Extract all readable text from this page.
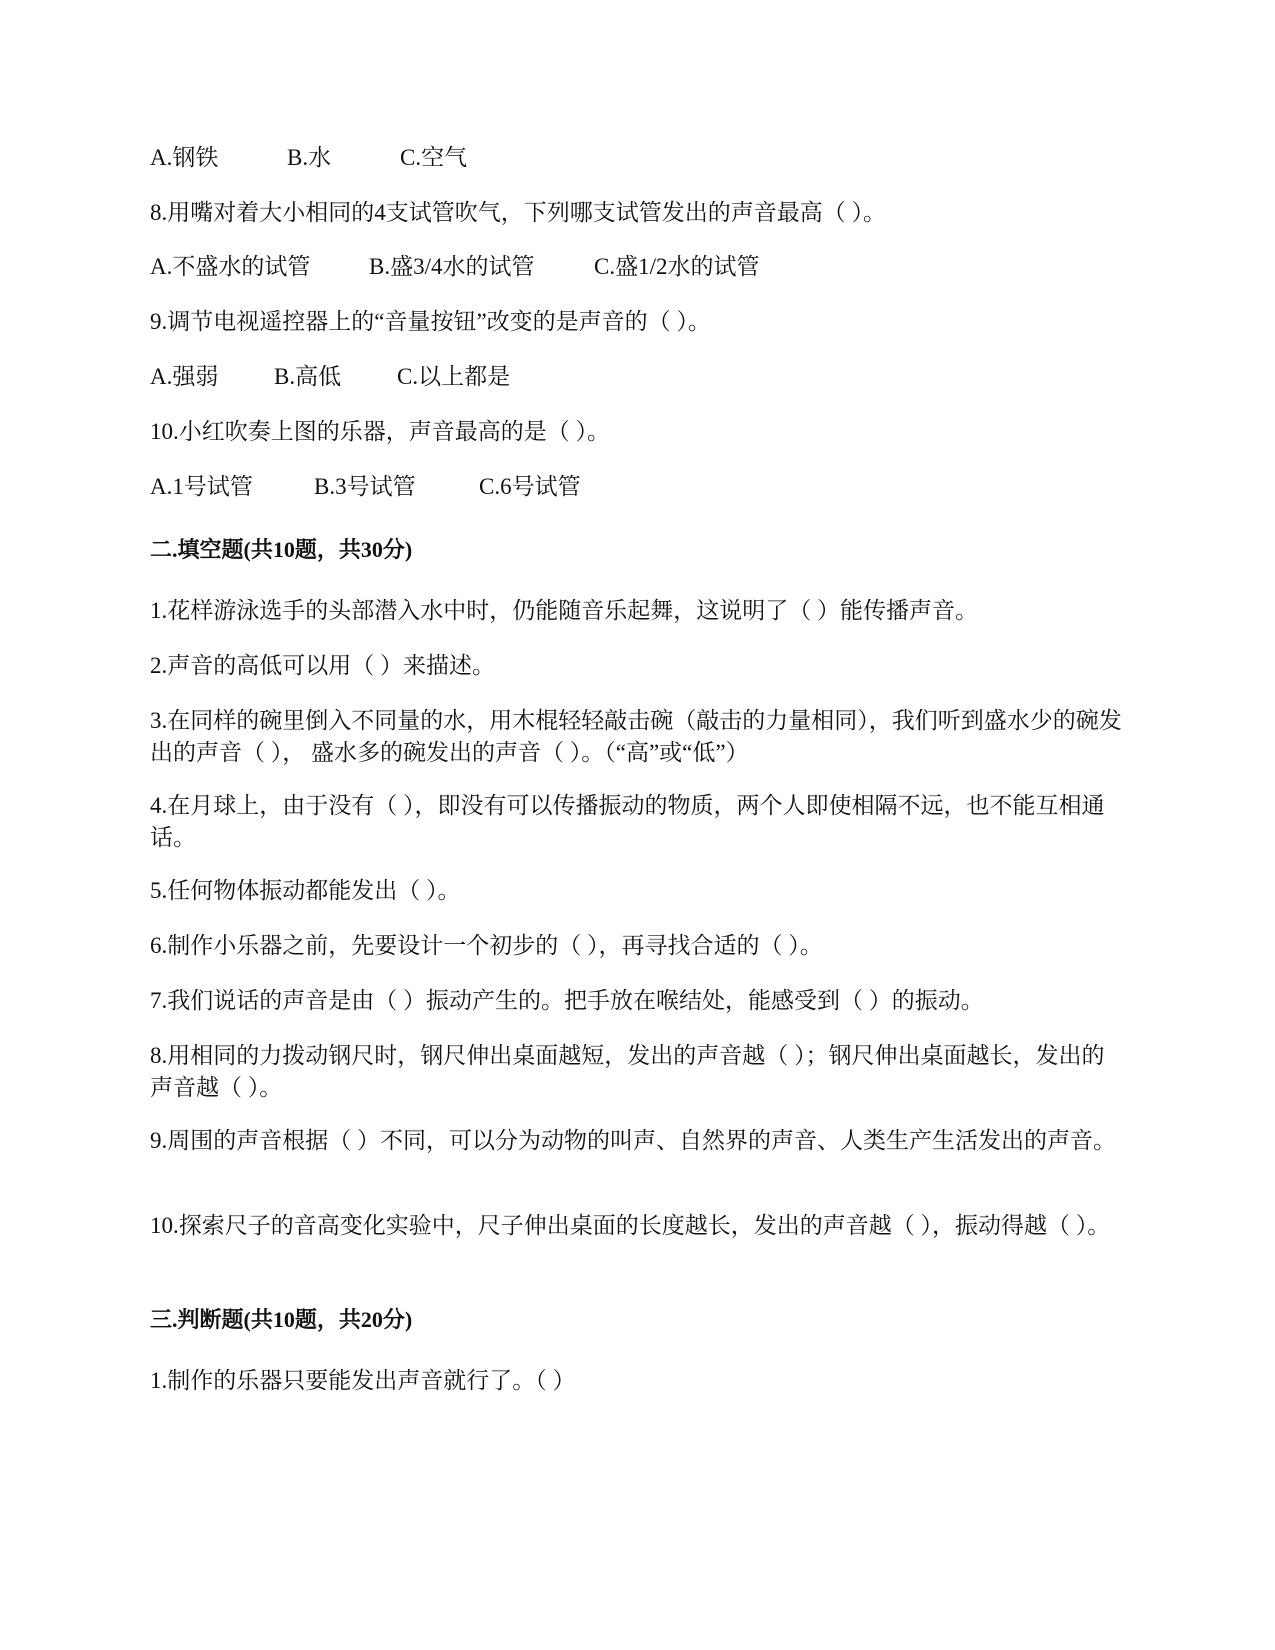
A.钢铁	B.水	C.空气
8.用嘴对着大小相同的4支试管吹气，下列哪支试管发出的声音最高（ ）。
A.不盛水的试管	B.盛3/4水的试管	C.盛1/2水的试管
9.调节电视遥控器上的“音量按钮”改变的是声音的（ ）。
A.强弱 B.高低 C.以上都是
10.小红吹奏上图的乐器，声音最高的是（ ）。
A.1号试管	B.3号试管	C.6号试管
二.填空题(共10题，共30分)
1.花样游泳选手的头部潜入水中时，仍能随音乐起舞，这说明了（ ）能传播声音。
2.声音的高低可以用（ ）来描述。
3.在同样的碗里倒入不同量的水，用木棍轻轻敲击碗（敲击的力量相同），我们听到盛水少的碗发出的声音（ ）， 盛水多的碗发出的声音（ ）。（“高”或“低”）
4.在月球上，由于没有（ ），即没有可以传播振动的物质，两个人即使相隔不远，也不能互相通话。
5.任何物体振动都能发出（ ）。
6.制作小乐器之前，先要设计一个初步的（ ），再寻找合适的（ ）。
7.我们说话的声音是由（ ）振动产生的。把手放在喉结处，能感受到（ ）的振动。
8.用相同的力拨动钢尺时，钢尺伸出桌面越短，发出的声音越（ ）；钢尺伸出桌面越长，发出的声音越（ ）。
9.周围的声音根据（ ）不同，可以分为动物的叫声、自然界的声音、人类生产生活发出的声音。
10.探索尺子的音高变化实验中，尺子伸出桌面的长度越长，发出的声音越（ ），振动得越（ ）。
三.判断题(共10题，共20分)
1.制作的乐器只要能发出声音就行了。（ ）
